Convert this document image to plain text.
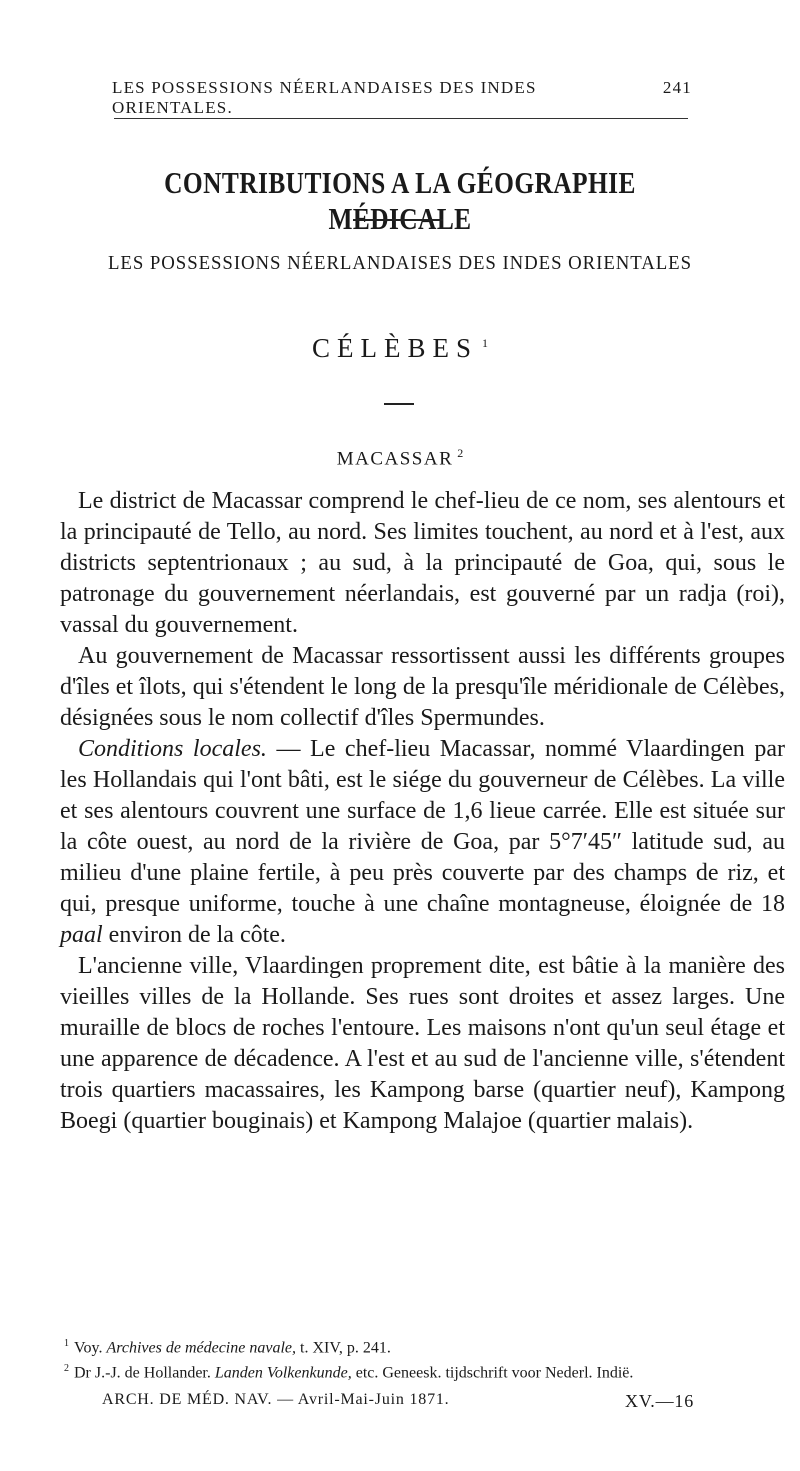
LES POSSESSIONS NÉERLANDAISES DES INDES ORIENTALES.
241
CONTRIBUTIONS A LA GÉOGRAPHIE MÉDICALE
LES POSSESSIONS NÉERLANDAISES DES INDES ORIENTALES
CÉLÈBES $^1$
MACASSAR $^2$

Le district de Macassar comprend le chef-lieu de ce nom, ses alentours et la principauté de Tello, au nord. Ses limites touchent, au nord et à l'est, aux districts septentrionaux ; au sud, à la principauté de Goa, qui, sous le patronage du gouvernement néerlandais, est gouverné par un radja (roi), vassal du gouvernement.

Au gouvernement de Macassar ressortissent aussi les différents groupes d'îles et îlots, qui s'étendent le long de la presqu'île méridionale de Célèbes, désignées sous le nom collectif d'îles Spermundes.

Conditions locales. — Le chef-lieu Macassar, nommé Vlaardingen par les Hollandais qui l'ont bâti, est le siége du gouverneur de Célèbes. La ville et ses alentours couvrent une surface de 1,6 lieue carrée. Elle est située sur la côte ouest, au nord de la rivière de Goa, par 5°7′45″ latitude sud, au milieu d'une plaine fertile, à peu près couverte par des champs de riz, et qui, presque uniforme, touche à une chaîne montagneuse, éloignée de 18 paal environ de la côte.

L'ancienne ville, Vlaardingen proprement dite, est bâtie à la manière des vieilles villes de la Hollande. Ses rues sont droites et assez larges. Une muraille de blocs de roches l'entoure. Les maisons n'ont qu'un seul étage et une apparence de décadence. A l'est et au sud de l'ancienne ville, s'étendent trois quartiers macassaires, les Kampong barse (quartier neuf), Kampong Boegi (quartier bouginais) et Kampong Malajoe (quartier malais).

$^1$ Voy. Archives de médecine navale, t. XIV, p. 241.

$^2$ Dr J.-J. de Hollander. Landen Volkenkunde, etc. Geneesk. tijdschrift voor Nederl. Indië.

ARCH. DE MÉD. NAV. — Avril-Mai-Juin 1871.	XV.—16
